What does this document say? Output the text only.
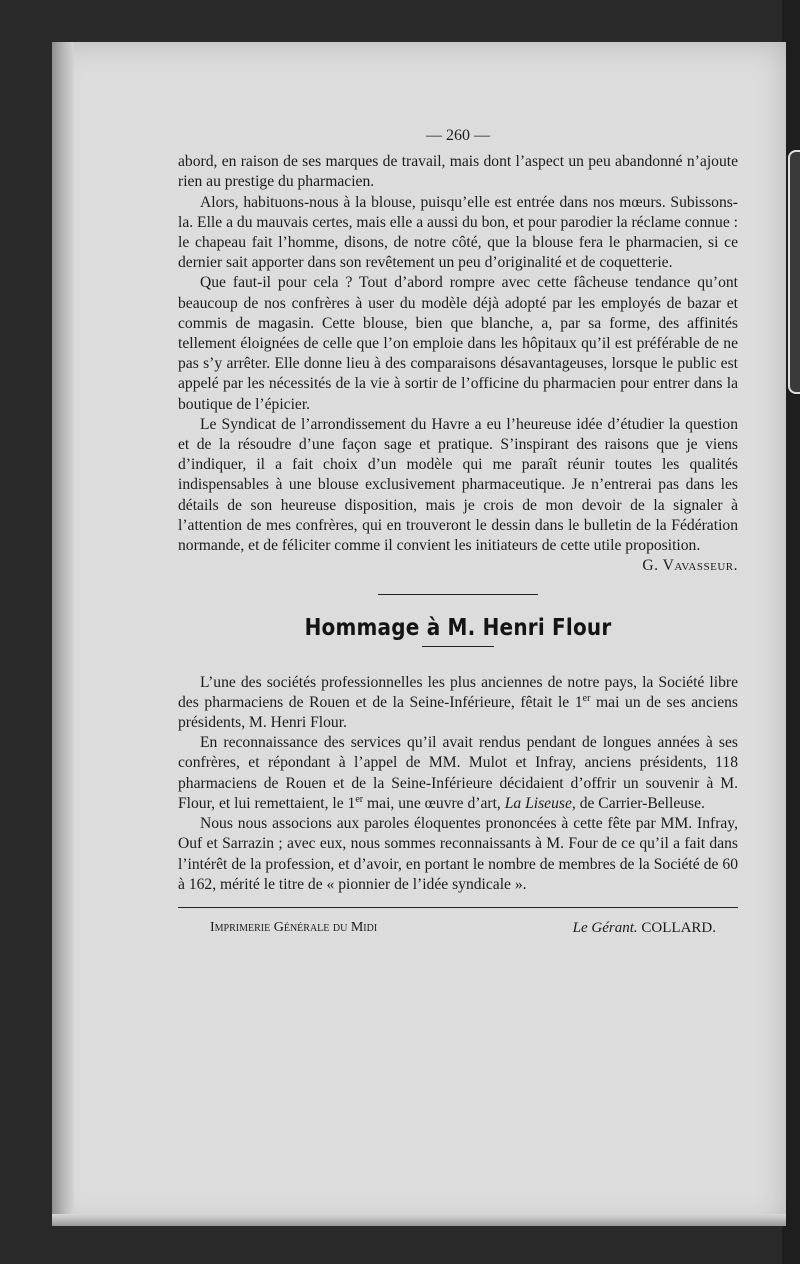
— 260 —

abord, en raison de ses marques de travail, mais dont l’aspect un peu abandonné n’ajoute rien au prestige du pharmacien.

Alors, habituons-nous à la blouse, puisqu’elle est entrée dans nos mœurs. Subissons-la. Elle a du mauvais certes, mais elle a aussi du bon, et pour parodier la réclame connue : le chapeau fait l’homme, disons, de notre côté, que la blouse fera le pharmacien, si ce dernier sait apporter dans son revêtement un peu d’originalité et de coquetterie.

Que faut-il pour cela ? Tout d’abord rompre avec cette fâcheuse tendance qu’ont beaucoup de nos confrères à user du modèle déjà adopté par les employés de bazar et commis de magasin. Cette blouse, bien que blanche, a, par sa forme, des affinités tellement éloignées de celle que l’on emploie dans les hôpitaux qu’il est préférable de ne pas s’y arrêter. Elle donne lieu à des comparaisons désavantageuses, lorsque le public est appelé par les nécessités de la vie à sortir de l’officine du pharmacien pour entrer dans la boutique de l’épicier.

Le Syndicat de l’arrondissement du Havre a eu l’heureuse idée d’étudier la question et de la résoudre d’une façon sage et pratique. S’inspirant des raisons que je viens d’indiquer, il a fait choix d’un modèle qui me paraît réunir toutes les qualités indispensables à une blouse exclusivement pharmaceutique. Je n’entrerai pas dans les détails de son heureuse disposition, mais je crois de mon devoir de la signaler à l’attention de mes confrères, qui en trouveront le dessin dans le bulletin de la Fédération normande, et de féliciter comme il convient les initiateurs de cette utile proposition.

G. Vavasseur.
Hommage à M. Henri Flour

L’une des sociétés professionnelles les plus anciennes de notre pays, la Société libre des pharmaciens de Rouen et de la Seine-Inférieure, fêtait le 1er mai un de ses anciens présidents, M. Henri Flour.

En reconnaissance des services qu’il avait rendus pendant de longues années à ses confrères, et répondant à l’appel de MM. Mulot et Infray, anciens présidents, 118 pharmaciens de Rouen et de la Seine-Inférieure décidaient d’offrir un souvenir à M. Flour, et lui remettaient, le 1er mai, une œuvre d’art, La Liseuse, de Carrier-Belleuse.

Nous nous associons aux paroles éloquentes prononcées à cette fête par MM. Infray, Ouf et Sarrazin ; avec eux, nous sommes reconnaissants à M. Four de ce qu’il a fait dans l’intérêt de la profession, et d’avoir, en portant le nombre de membres de la Société de 60 à 162, mérité le titre de « pionnier de l’idée syndicale ».

Imprimerie Générale du Midi	Le Gérant. COLLARD.
